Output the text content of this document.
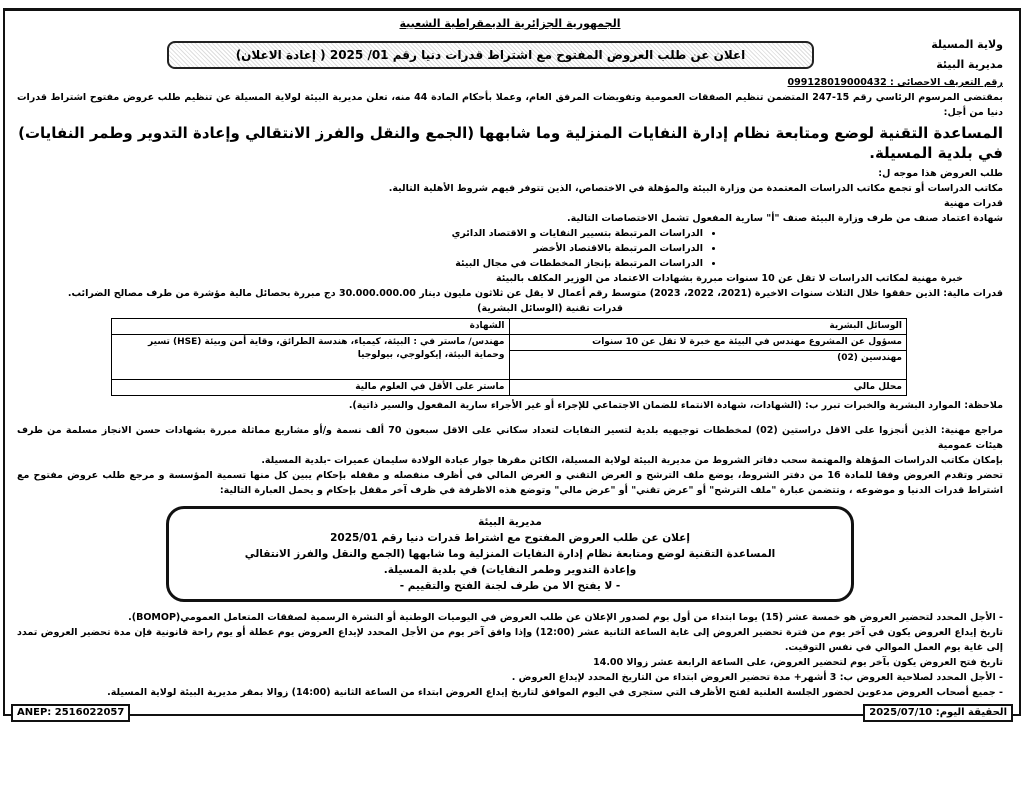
الجمهورية الجزائرية الديمقراطية الشعبية
ولاية المسيلة
مديرية البيئة
اعلان عن طلب العروض المفتوح مع اشتراط قدرات دنيا رقم 01/ 2025 ( إعادة الاعلان)
رقم التعريف الاحصائي : 099128019000432
بمقتضى المرسوم الرئاسي رقم 15-247 المتضمن تنظيم الصفقات العمومية وتفويضات المرفق العام، وعملا بأحكام المادة 44 منه، تعلن مديرية البيئة لولاية المسيلة عن تنظيم طلب عروض مفتوح اشتراط قدرات دنيا من أجل:
المساعدة التقنية لوضع ومتابعة نظام إدارة النفايات المنزلية وما شابهها (الجمع والنقل والفرز الانتقالي وإعادة التدوير وطمر النفايات) في بلدية المسيلة.
طلب العروض هذا موجه ل:
مكاتب الدراسات أو تجمع مكاتب الدراسات المعتمدة من وزارة البيئة والمؤهلة في الاختصاص، الذين تتوفر فيهم شروط الأهلية التالية.
قدرات مهنية
شهادة اعتماد صنف من طرف وزارة البيئة صنف "أ" سارية المفعول تشمل الاختصاصات التالية.
• الدراسات المرتبطة بتسيير النفايات و الاقتصاد الدائري
• الدراسات المرتبطة بالاقتصاد الأخضر
• الدراسات المرتبطة بإنجاز المخططات في مجال البيئة
خبرة مهنية لمكاتب الدراسات لا تقل عن 10 سنوات مبررة بشهادات الاعتماد من الوزير المكلف بالبيئة
قدرات مالية: الذين حققوا خلال الثلاث سنوات الاخيرة (2021، 2022، 2023) متوسط رقم أعمال لا يقل عن ثلاثون مليون دينار 30.000.000.00 دج مبررة بحصائل مالية مؤشرة من طرف مصالح الضرائب.
قدرات تقنية (الوسائل البشرية)
الوسائل البشرية	الشهادة
مسؤول عن المشروع مهندس في البيئة مع خبرة لا تقل عن 10 سنوات	مهندس/ ماستر في : البيئة، كيمياء، هندسة الطرائق، وقاية أمن وبيئة (HSE) تسير وحماية البيئة، إيكولوجي، بيولوجيا
مهندسين (02)	
محلل مالي	ماستر على الأقل في العلوم مالية
ملاحظة: الموارد البشرية والخبرات تبرر ب: (الشهادات، شهادة الانتماء للضمان الاجتماعي للإجراء أو غير الأجراء سارية المفعول والسير ذاتية).
مراجع مهنية: الذين أنجزوا على الاقل دراستين (02) لمخططات توجيهيه بلدية لتسير النفايات لتعداد سكاني على الاقل سبعون 70 ألف نسمة و/أو مشاريع مماثلة مبررة بشهادات حسن الانجاز مسلمة من طرف هيئات عمومية
بإمكان مكاتب الدراسات المؤهلة والمهتمة سحب دفاتر الشروط من مديرية البيئة لولاية المسيلة، الكائن مقرها جوار عيادة الولادة سليمان عميرات -بلدية المسيلة.
تحضر وتقدم العروض وفقا للمادة 16 من دفتر الشروط، يوضع ملف الترشح و العرض التقني و العرض المالي في أظرف منفصله و مقفله بإحكام يبين كل منها تسمية المؤسسة و مرجع طلب عروض مفتوح مع اشتراط قدرات الدنيا و موضوعه ، وتتضمن عبارة "ملف الترشح" أو "عرض تقني" أو "عرض مالي" وتوضع هذه الاظرفة في ظرف آخر مقفل بإحكام و يحمل العبارة التالية:
مديرية البيئة
إعلان عن طلب العروض المفتوح مع اشتراط قدرات دنيا رقم 2025/01
المساعدة التقنية لوضع ومتابعة نظام إدارة النفايات المنزلية وما شابهها (الجمع والنقل والفرز الانتقالي
وإعادة التدوير وطمر النفايات) في بلدية المسيلة.
- لا يفتح الا من طرف لجنة الفتح والتقييم -
- الأجل المحدد لتحضير العروض هو خمسة عشر (15) يوما ابتداء من أول يوم لصدور الإعلان عن طلب العروض في اليوميات الوطنية أو النشرة الرسمية لصفقات المتعامل العمومي(BOMOP).
تاريخ إيداع العروض يكون في آخر يوم من فترة تحضير العروض إلى غاية الساعة الثانية عشر (12:00) وإذا وافق آخر يوم من الأجل المحدد لإيداع العروض يوم عطلة أو يوم راحة قانونية فإن مدة تحضير العروض تمدد إلى غاية يوم العمل الموالي في نفس التوقيت.
تاريخ فتح العروض يكون بآخر يوم لتحضير العروض، على الساعة الرابعة عشر زوالا 14.00
- الأجل المحدد لصلاحية العروض ب: 3 أشهر+ مدة تحضير العروض ابتداء من التاريخ المحدد لإيداع العروض .
- جميع أصحاب العروض مدعوين لحضور الجلسة العلنية لفتح الأظرف التي ستجرى في اليوم الموافق لتاريخ إيداع العروض ابتداء من الساعة الثانية (14:00) زوالا بمقر مديرية البيئة لولاية المسيلة.
الحقيقة اليوم: 2025/07/10
ANEP: 2516022057
